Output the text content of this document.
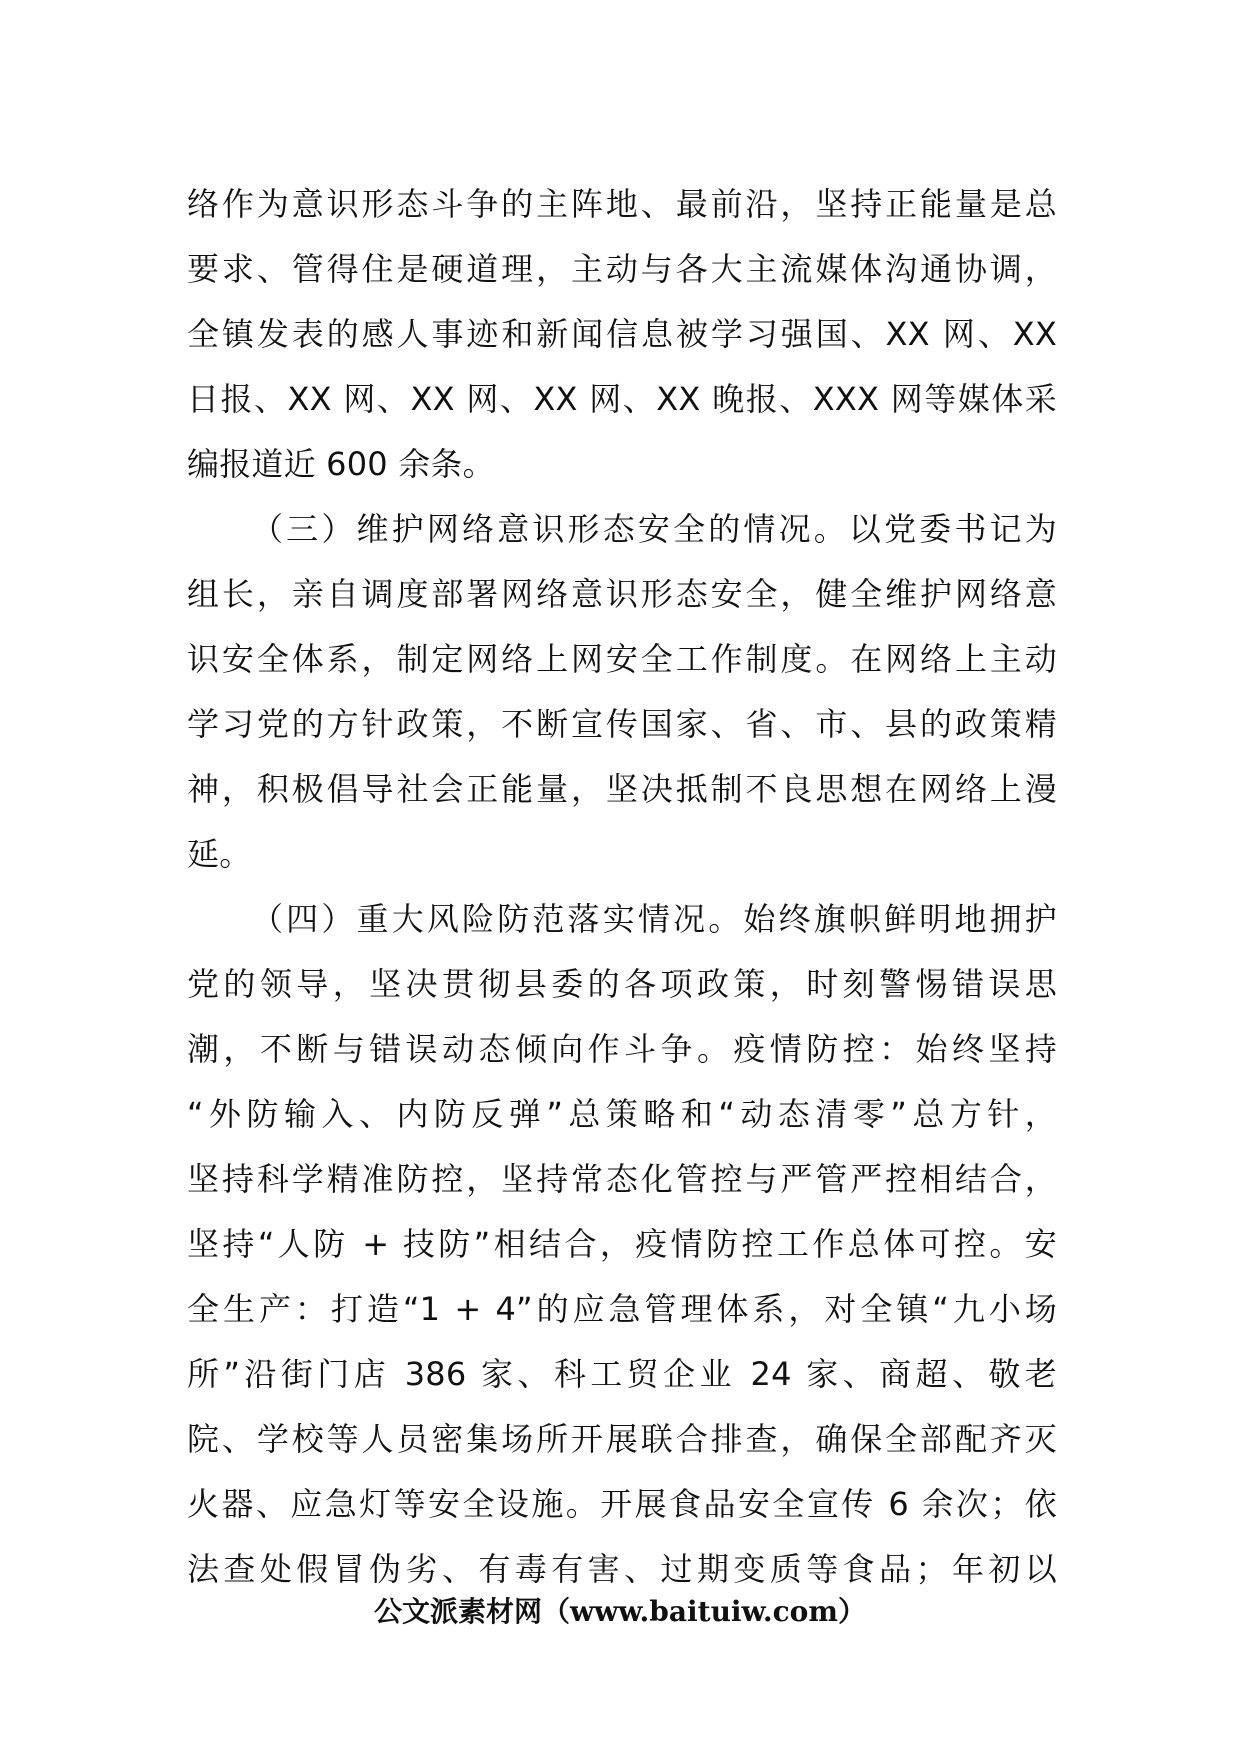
络作为意识形态斗争的主阵地、最前沿，坚持正能量是总
要求、管得住是硬道理，主动与各大主流媒体沟通协调，
全镇发表的感人事迹和新闻信息被学习强国、XX 网、XX
日报、XX 网、XX 网、XX 网、XX 晚报、XXX 网等媒体采
编报道近 600 余条。
（三）维护网络意识形态安全的情况。以党委书记为
组长，亲自调度部署网络意识形态安全，健全维护网络意
识安全体系，制定网络上网安全工作制度。在网络上主动
学习党的方针政策，不断宣传国家、省、市、县的政策精
神，积极倡导社会正能量，坚决抵制不良思想在网络上漫
延。
（四）重大风险防范落实情况。始终旗帜鲜明地拥护
党的领导，坚决贯彻县委的各项政策，时刻警惕错误思
潮，不断与错误动态倾向作斗争。疫情防控：始终坚持
“外防输入、内防反弹”总策略和“动态清零”总方针，
坚持科学精准防控，坚持常态化管控与严管严控相结合，
坚持“人防 + 技防”相结合，疫情防控工作总体可控。安
全生产：打造“1 + 4”的应急管理体系，对全镇“九小场
所”沿街门店 386 家、科工贸企业 24 家、商超、敬老
院、学校等人员密集场所开展联合排查，确保全部配齐灭
火器、应急灯等安全设施。开展食品安全宣传 6 余次；依
法查处假冒伪劣、有毒有害、过期变质等食品；年初以
公文派素材网（www.baituiw.com）
